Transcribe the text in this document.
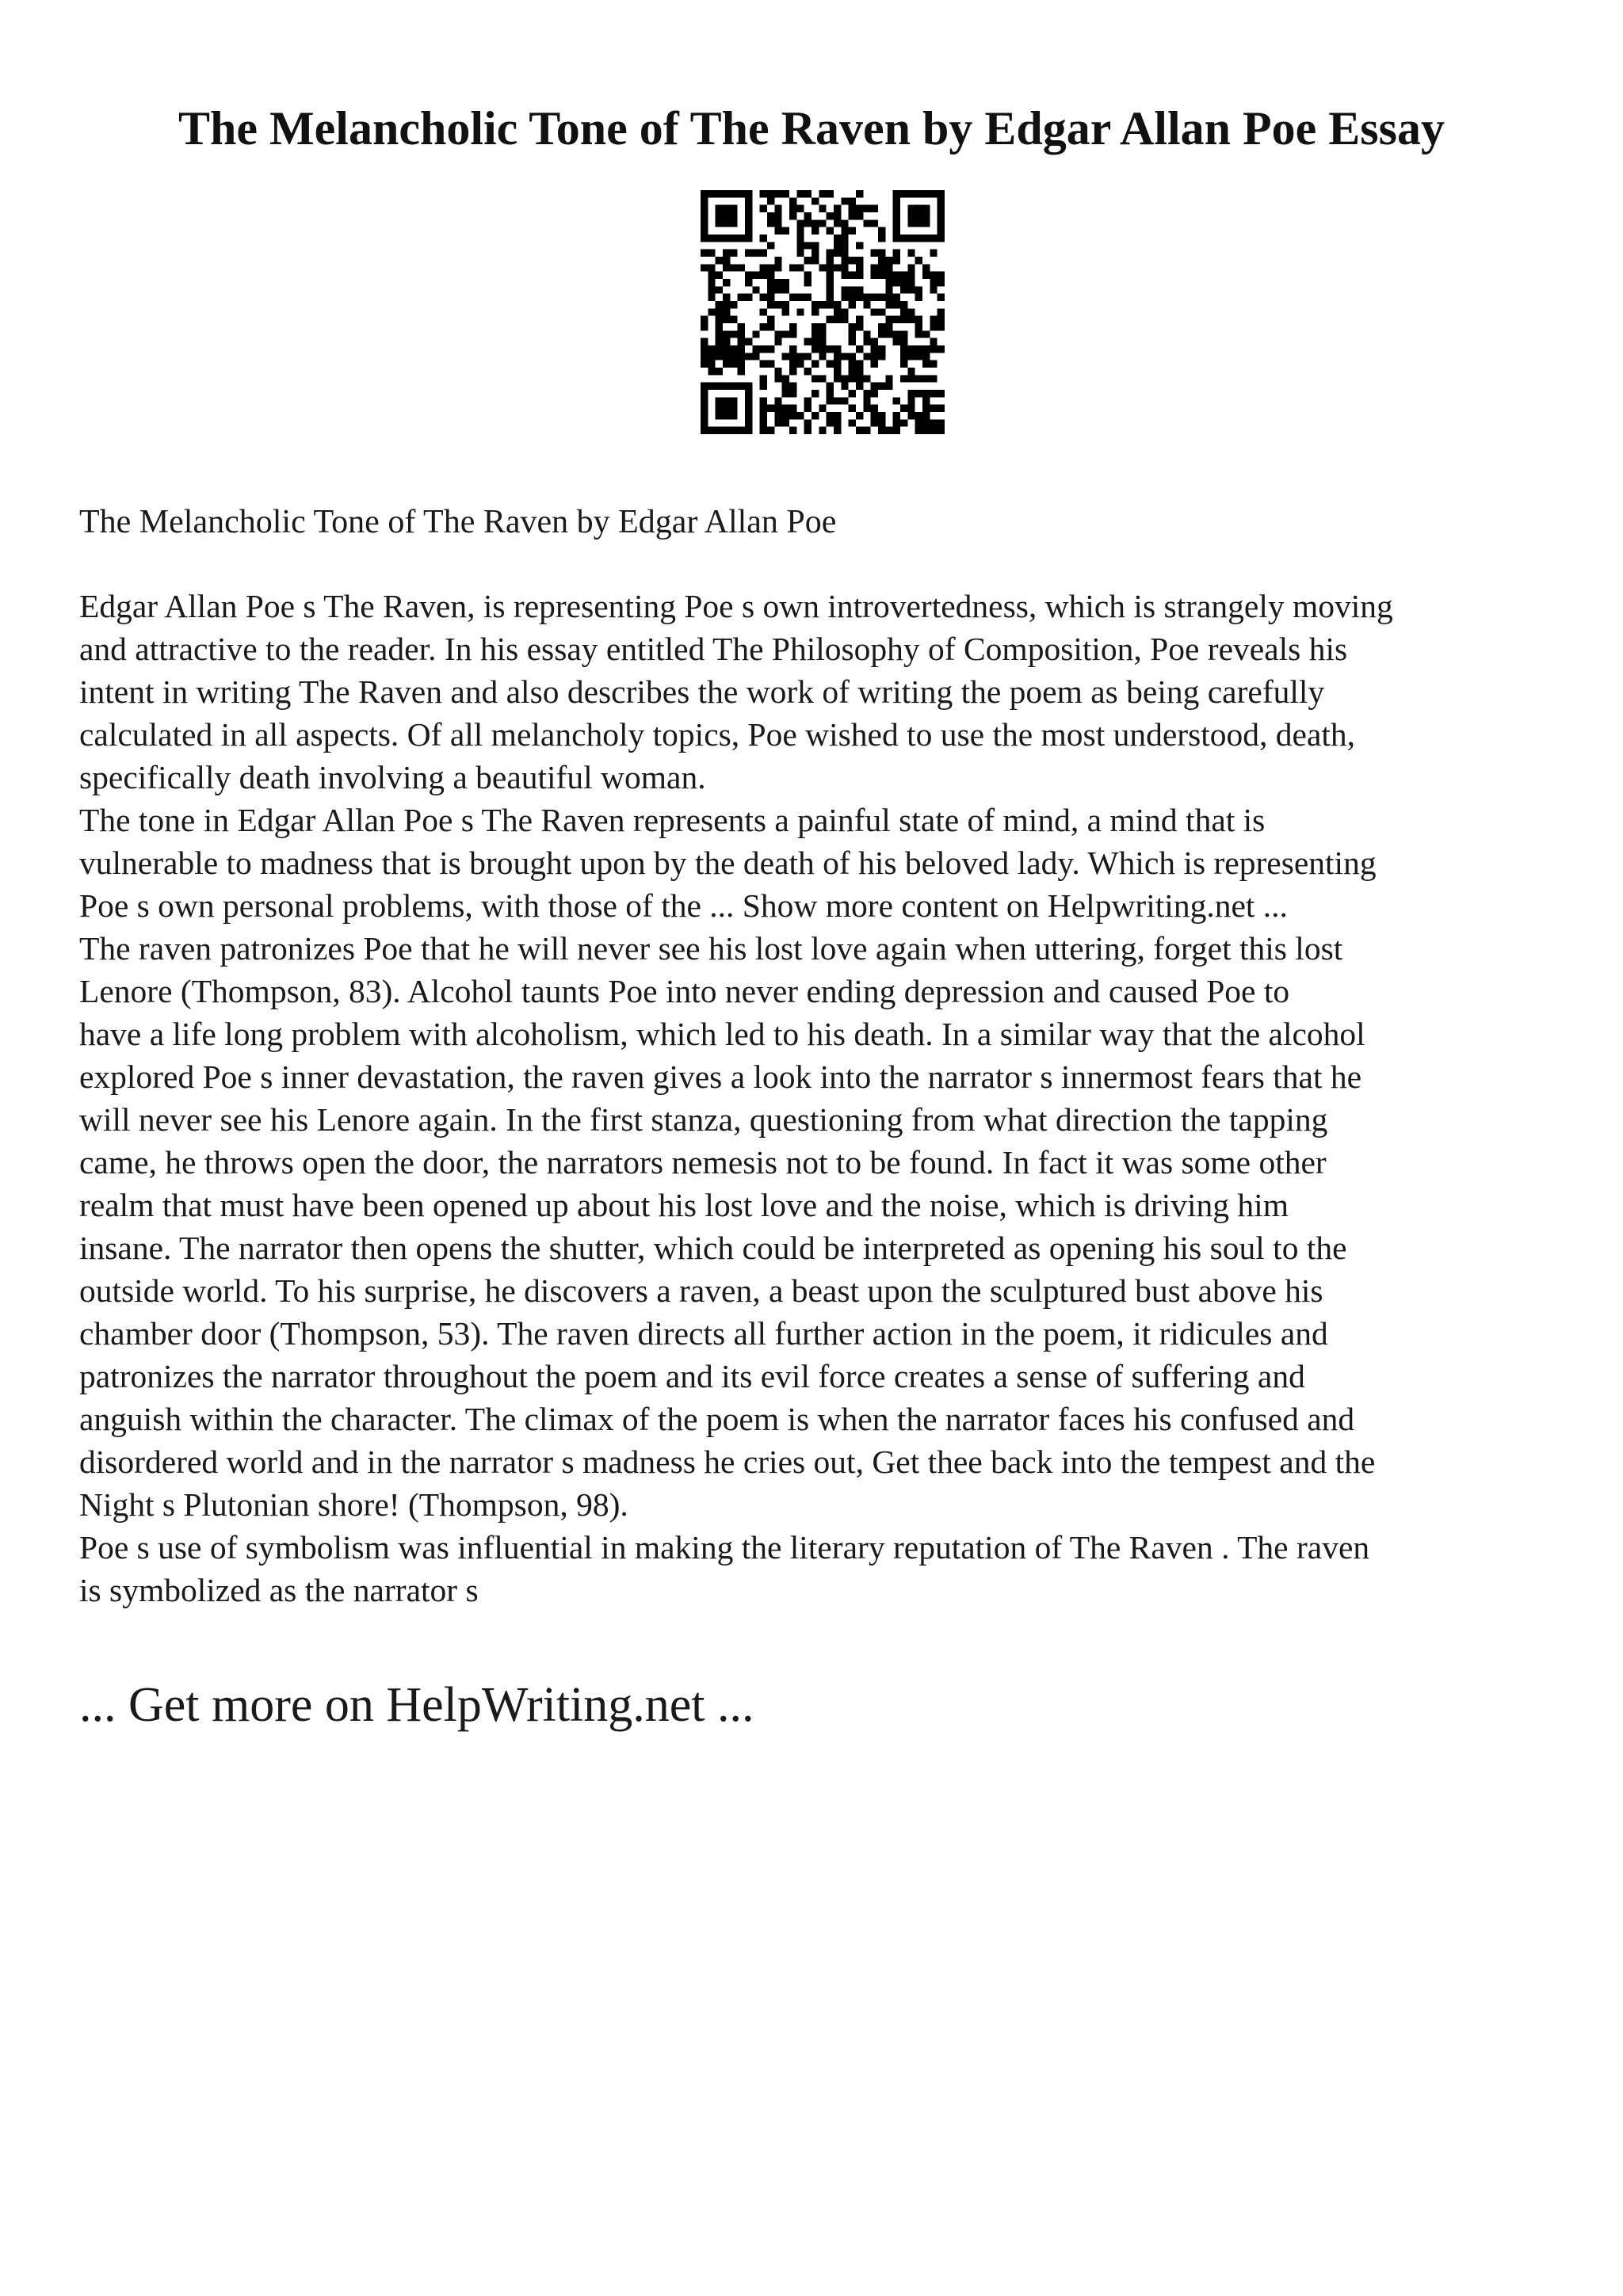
The Melancholic Tone of The Raven by Edgar Allan Poe Essay

The Melancholic Tone of The Raven by Edgar Allan Poe

Edgar Allan Poe s The Raven, is representing Poe s own introvertedness, which is strangely moving
and attractive to the reader. In his essay entitled The Philosophy of Composition, Poe reveals his
intent in writing The Raven and also describes the work of writing the poem as being carefully
calculated in all aspects. Of all melancholy topics, Poe wished to use the most understood, death,
specifically death involving a beautiful woman.

The tone in Edgar Allan Poe s The Raven represents a painful state of mind, a mind that is
vulnerable to madness that is brought upon by the death of his beloved lady. Which is representing
Poe s own personal problems, with those of the ... Show more content on Helpwriting.net ...

The raven patronizes Poe that he will never see his lost love again when uttering, forget this lost
Lenore (Thompson, 83). Alcohol taunts Poe into never ending depression and caused Poe to
have a life long problem with alcoholism, which led to his death. In a similar way that the alcohol
explored Poe s inner devastation, the raven gives a look into the narrator s innermost fears that he
will never see his Lenore again. In the first stanza, questioning from what direction the tapping
came, he throws open the door, the narrators nemesis not to be found. In fact it was some other
realm that must have been opened up about his lost love and the noise, which is driving him
insane. The narrator then opens the shutter, which could be interpreted as opening his soul to the
outside world. To his surprise, he discovers a raven, a beast upon the sculptured bust above his
chamber door (Thompson, 53). The raven directs all further action in the poem, it ridicules and
patronizes the narrator throughout the poem and its evil force creates a sense of suffering and
anguish within the character. The climax of the poem is when the narrator faces his confused and
disordered world and in the narrator s madness he cries out, Get thee back into the tempest and the
Night s Plutonian shore! (Thompson, 98).

Poe s use of symbolism was influential in making the literary reputation of The Raven . The raven
is symbolized as the narrator s

... Get more on HelpWriting.net ...
